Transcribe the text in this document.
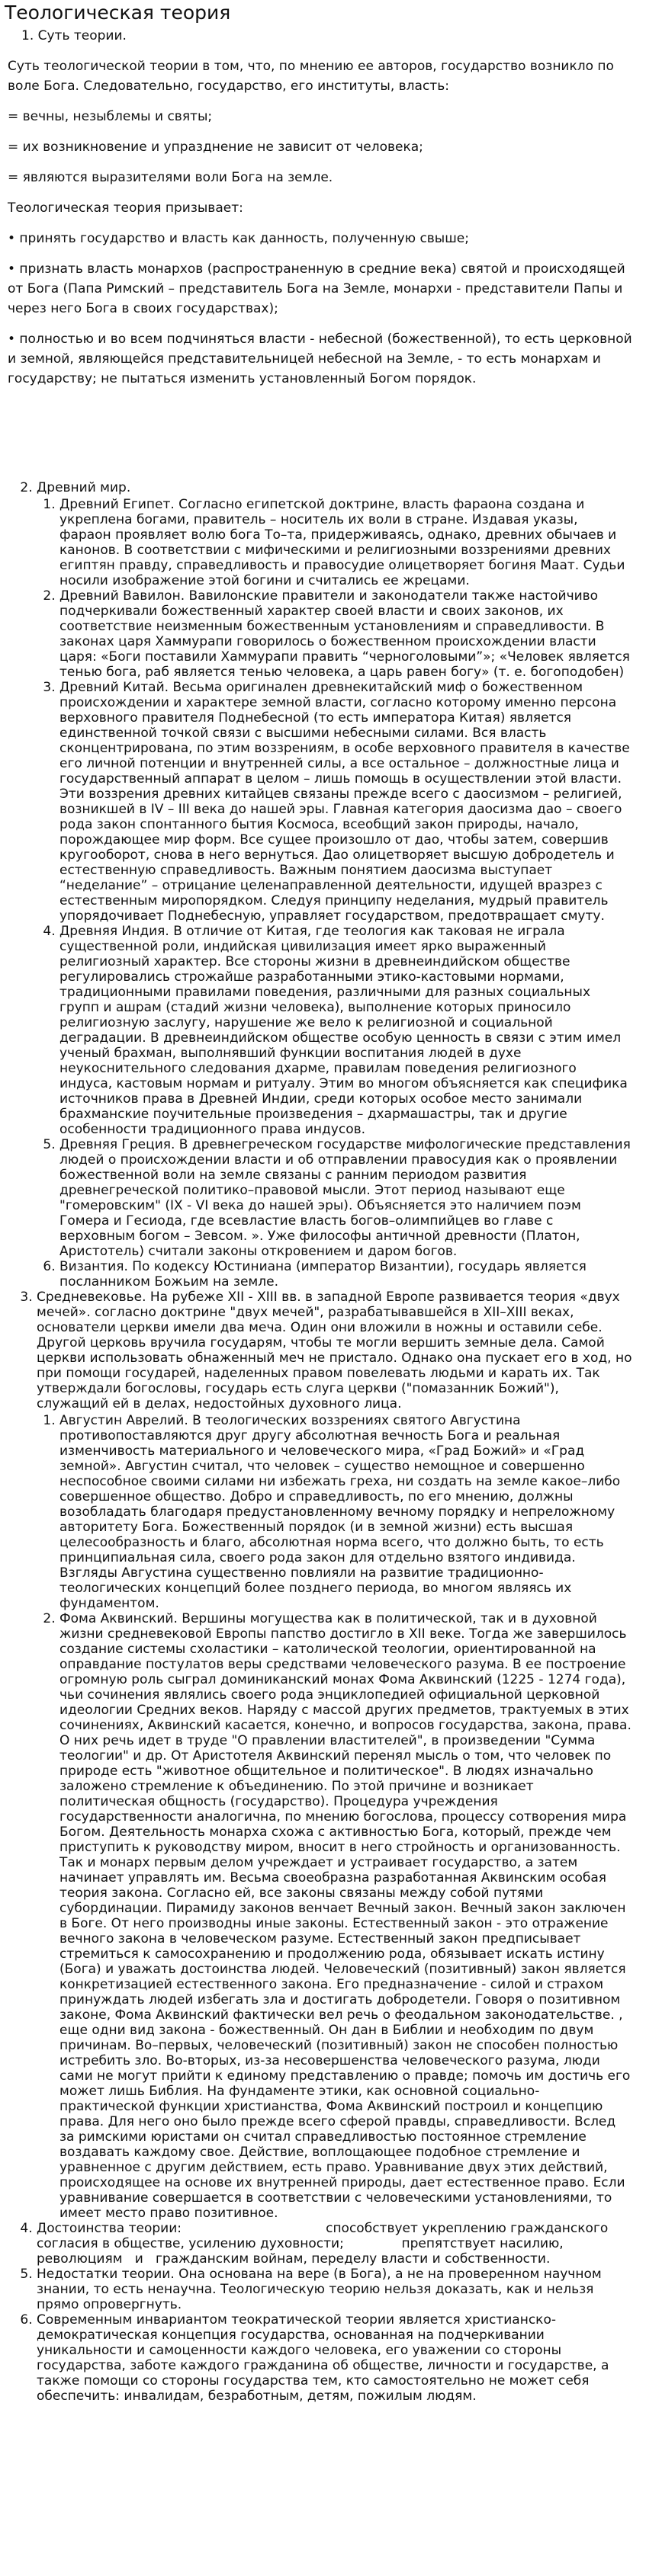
Теологическая теория
1. Суть теории.

Суть теологической теории в том, что, по мнению ее авторов, государство возникло по воле Бога. Следовательно, государство, его институты, власть:

= вечны, незыблемы и святы;

= их возникновение и упразднение не зависит от человека;

= являются выразителями воли Бога на земле.

Теологическая теория призывает:

• принять государство и власть как данность, полученную свыше;

• признать власть монархов (распространенную в средние века) святой и происходящей от Бога (Папа Римский – представитель Бога на Земле, монархи - представители Папы и через него Бога в своих государствах);

• полностью и во всем подчиняться власти - небесной (божественной), то есть церковной и земной, являющейся представительницей небесной на Земле, - то есть монархам и государству; не пытаться изменить установленный Богом порядок.

2. Древний мир.
1. Древний Египет. Согласно египетской доктрине, власть фараона создана и укреплена богами, правитель – носитель их воли в стране. Издавая указы, фараон проявляет волю бога То–та, придерживаясь, однако, древних обычаев и канонов. В соответствии с мифическими и религиозными воззрениями древних египтян правду, справедливость и правосудие олицетворяет богиня Маат. Судьи носили изображение этой богини и считались ее жрецами.
2. Древний Вавилон. Вавилонские правители и законодатели также настойчиво подчеркивали божественный характер своей власти и своих законов, их соответствие неизменным божественным установлениям и справедливости. В законах царя Хаммурапи говорилось о божественном происхождении власти царя: «Боги поставили Хаммурапи править “черноголовыми”»; «Человек является тенью бога, раб является тенью человека, а царь равен богу» (т. е. богоподобен)
3. Древний Китай. Весьма оригинален древнекитайский миф о божественном происхождении и характере земной власти, согласно которому именно персона верховного правителя Поднебесной (то есть императора Китая) является единственной точкой связи с высшими небесными силами. Вся власть сконцентрирована, по этим воззрениям, в особе верховного правителя в качестве его личной потенции и внутренней силы, а все остальное – должностные лица и государственный аппарат в целом – лишь помощь в осуществлении этой власти. Эти воззрения древних китайцев связаны прежде всего с даосизмом – религией, возникшей в IV – III века до нашей эры. Главная категория даосизма дао – своего рода закон спонтанного бытия Космоса, всеобщий закон природы, начало, порождающее мир форм. Все сущее произошло от дао, чтобы затем, совершив кругооборот, снова в него вернуться. Дао олицетворяет высшую добродетель и естественную справедливость. Важным понятием даосизма выступает “неделание” – отрицание целенаправленной деятельности, идущей вразрез с естественным миропорядком. Следуя принципу неделания, мудрый правитель упорядочивает Поднебесную, управляет государством, предотвращает смуту.
4. Древняя Индия. В отличие от Китая, где теология как таковая не играла существенной роли, индийская цивилизация имеет ярко выраженный религиозный характер. Все стороны жизни в древнеиндийском обществе регулировались строжайше разработанными этико-кастовыми нормами, традиционными правилами поведения, различными для разных социальных групп и ашрам (стадий жизни человека), выполнение которых приносило религиозную заслугу, нарушение же вело к религиозной и социальной деградации. В древнеиндийском обществе особую ценность в связи с этим имел ученый брахман, выполнявший функции воспитания людей в духе неукоснительного следования дхарме, правилам поведения религиозного индуса, кастовым нормам и ритуалу. Этим во многом объясняется как специфика источников права в Древней Индии, среди которых особое место занимали брахманские поучительные произведения – дхармашастры, так и другие особенности традиционного права индусов.
5. Древняя Греция. В древнегреческом государстве мифологические представления людей о происхождении власти и об отправлении правосудия как о проявлении божественной воли на земле связаны с ранним периодом развития древнегреческой политико–правовой мысли. Этот период называют еще "гомеровским" (IX - VI века до нашей эры). Объясняется это наличием поэм Гомера и Гесиода, где всевластие власть богов–олимпийцев во главе с верховным богом – Зевсом. ». Уже философы античной древности (Платон, Аристотель) считали законы откровением и даром богов.
6. Византия. По кодексу Юстиниана (император Византии), государь является посланником Божьим на земле.
3. Средневековье. На рубеже XII - XIII вв. в западной Европе развивается теория «двух мечей». согласно доктрине "двух мечей", разрабатывавшейся в XII–XIII веках, основатели церкви имели два меча. Один они вложили в ножны и оставили себе. Другой церковь вручила государям, чтобы те могли вершить земные дела. Самой церкви использовать обнаженный меч не пристало. Однако она пускает его в ход, но при помощи государей, наделенных правом повелевать людьми и карать их. Так утверждали богословы, государь есть слуга церкви ("помазанник Божий"), служащий ей в делах, недостойных духовного лица.
1. Августин Аврелий. В теологических воззрениях святого Августина противопоставляются друг другу абсолютная вечность Бога и реальная изменчивость материального и человеческого мира, «Град Божий» и «Град земной». Августин считал, что человек – существо немощное и совершенно неспособное своими силами ни избежать греха, ни создать на земле какое–либо совершенное общество. Добро и справедливость, по его мнению, должны возобладать благодаря предустановленному вечному порядку и непреложному авторитету Бога. Божественный порядок (и в земной жизни) есть высшая целесообразность и благо, абсолютная норма всего, что должно быть, то есть принципиальная сила, своего рода закон для отдельно взятого индивида. Взгляды Августина существенно повлияли на развитие традиционно-теологических концепций более позднего периода, во многом являясь их фундаментом.
2. Фома Аквинский. Вершины могущества как в политической, так и в духовной жизни средневековой Европы папство достигло в XII веке. Тогда же завершилось создание системы схоластики – католической теологии, ориентированной на оправдание постулатов веры средствами человеческого разума. В ее построение огромную роль сыграл доминиканский монах Фома Аквинский (1225 - 1274 года), чьи сочинения являлись своего рода энциклопедией официальной церковной идеологии Средних веков. Наряду с массой других предметов, трактуемых в этих сочинениях, Аквинский касается, конечно, и вопросов государства, закона, права. О них речь идет в труде "О правлении властителей", в произведении "Сумма теологии" и др. От Аристотеля Аквинский перенял мысль о том, что человек по природе есть "животное общительное и политическое". В людях изначально заложено стремление к объединению. По этой причине и возникает политическая общность (государство). Процедура учреждения государственности аналогична, по мнению богослова, процессу сотворения мира Богом. Деятельность монарха схожа с активностью Бога, который, прежде чем приступить к руководству миром, вносит в него стройность и организованность. Так и монарх первым делом учреждает и устраивает государство, а затем начинает управлять им. Весьма своеобразна разработанная Аквинским особая теория закона. Согласно ей, все законы связаны между собой путями субординации. Пирамиду законов венчает Вечный закон. Вечный закон заключен в Боге. От него производны иные законы. Естественный закон - это отражение вечного закона в человеческом разуме. Естественный закон предписывает стремиться к самосохранению и продолжению рода, обязывает искать истину (Бога) и уважать достоинства людей. Человеческий (позитивный) закон является конкретизацией естественного закона. Его предназначение - силой и страхом принуждать людей избегать зла и достигать добродетели. Говоря о позитивном законе, Фома Аквинский фактически вел речь о феодальном законодательстве. , еще одни вид закона - божественный. Он дан в Библии и необходим по двум причинам. Во–первых, человеческий (позитивный) закон не способен полностью истребить зло. Во-вторых, из-за несовершенства человеческого разума, люди сами не могут прийти к единому представлению о правде; помочь им достичь его может лишь Библия. На фундаменте этики, как основной социально-практической функции христианства, Фома Аквинский построил и концепцию права. Для него оно было прежде всего сферой правды, справедливости. Вслед за римскими юристами он считал справедливостью постоянное стремление воздавать каждому свое. Действие, воплощающее подобное стремление и уравненное с другим действием, есть право. Уравнивание двух этих действий, происходящее на основе их внутренней природы, дает естественное право. Если уравнивание совершается в соответствии с человеческими установлениями, то имеет место право позитивное.
4. Достоинства теории:                                   способствует укреплению гражданского согласия в обществе, усилению духовности;              препятствует насилию, революциям   и   гражданским войнам, переделу власти и собственности.
5. Недостатки теории. Она основана на вере (в Бога), а не на проверенном научном знании, то есть ненаучна. Теологическую теорию нельзя доказать, как и нельзя прямо опровергнуть.
6. Современным инвариантом теократической теории является христианско-демократическая концепция государства, основанная на подчеркивании уникальности и самоценности каждого человека, его уважении со стороны государства, заботе каждого гражданина об обществе, личности и государстве, а также помощи со стороны государства тем, кто самостоятельно не может себя обеспечить: инвалидам, безработным, детям, пожилым людям.
